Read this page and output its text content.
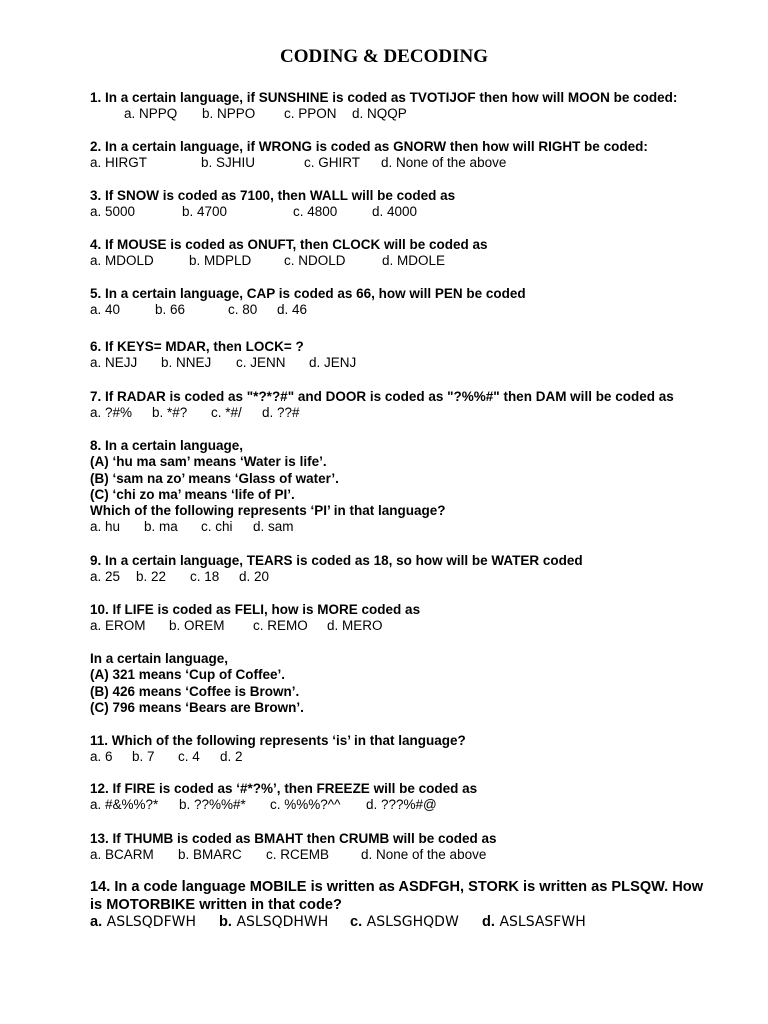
CODING & DECODING
1. In a certain language, if SUNSHINE is coded as TVOTIJOF then how will MOON be coded:
a. NPPQ b. NPPO c. PPON d. NQQP
2. In a certain language, if WRONG is coded as GNORW then how will RIGHT be coded:
a. HIRGT	b. SJHIU	c. GHIRT d. None of the above
3. If SNOW is coded as 7100, then WALL will be coded as
a. 5000	b. 4700	c. 4800	d. 4000
4. If MOUSE is coded as ONUFT, then CLOCK will be coded as
a. MDOLD	b. MDPLD c. NDOLD	d. MDOLE
5. In a certain language, CAP is coded as 66, how will PEN be coded
a. 40	b. 66	c. 80 d. 46
6. If KEYS= MDAR, then LOCK= ?
a. NEJJ b. NNEJ c. JENN d. JENJ
7. If RADAR is coded as "*?*?#" and DOOR is coded as "?%%#" then DAM will be coded as
a. ?#% b. *#? c. *#/ d. ??#
8. In a certain language,
(A) ‘hu ma sam’ means ‘Water is life’.
(B) ‘sam na zo’ means ‘Glass of water’.
(C) ‘chi zo ma’ means ‘life of PI’.
Which of the following represents ‘PI’ in that language?
a. hu b. ma c. chi d. sam
9. In a certain language, TEARS is coded as 18, so how will be WATER coded
a. 25 b. 22 c. 18 d. 20
10. If LIFE is coded as FELI, how is MORE coded as
a. EROM b. OREM c. REMO d. MERO
In a certain language,
(A) 321 means ‘Cup of Coffee’.
(B) 426 means ‘Coffee is Brown’.
(C) 796 means ‘Bears are Brown’.
11. Which of the following represents ‘is’ in that language?
a. 6 b. 7 c. 4 d. 2
12. If FIRE is coded as ‘#*?%’, then FREEZE will be coded as
a. #&%%?* b. ??%%#* c. %%%?^^ d. ???%#@
13. If THUMB is coded as BMAHT then CRUMB will be coded as
a. BCARM b. BMARC c. RCEMB d. None of the above
14. In a code language MOBILE is written as ASDFGH, STORK is written as PLSQW. How is MOTORBIKE written in that code?
a. ASLSQDFWH b. ASLSQDHWH c. ASLSGHQDW d. ASLSASFWH
